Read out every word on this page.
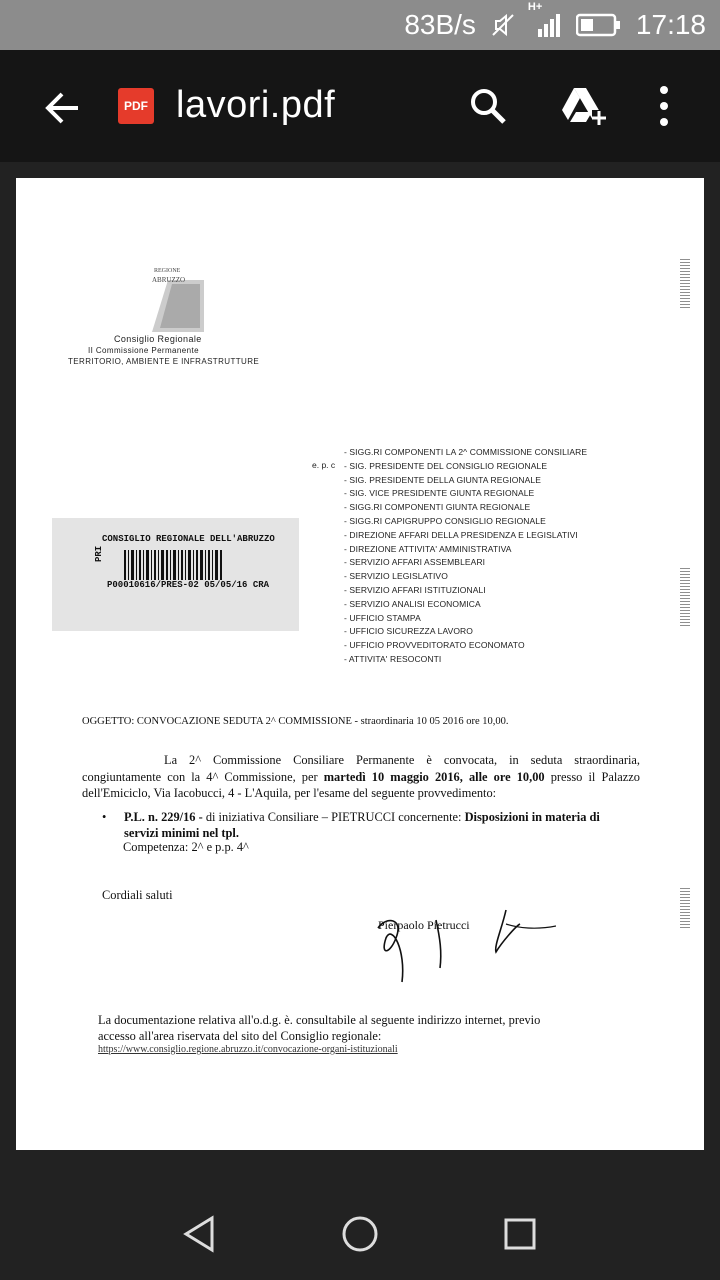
83B/s
H+
17:18
PDF lavori.pdf
REGIONE
ABRUZZO
Consiglio Regionale
II Commissione Permanente
TERRITORIO, AMBIENTE E INFRASTRUTTURE
CONSIGLIO REGIONALE DELL'ABRUZZO
PRI
P00010616/PRES-02 05/05/16 CRA
e. p. c
- SIGG.RI COMPONENTI LA 2^ COMMISSIONE CONSILIARE
- SIG. PRESIDENTE DEL CONSIGLIO REGIONALE
- SIG. PRESIDENTE DELLA GIUNTA REGIONALE
- SIG. VICE PRESIDENTE GIUNTA REGIONALE
- SIGG.RI COMPONENTI GIUNTA REGIONALE
- SIGG.RI CAPIGRUPPO CONSIGLIO REGIONALE
- DIREZIONE AFFARI DELLA PRESIDENZA E LEGISLATIVI
- DIREZIONE ATTIVITA' AMMINISTRATIVA
- SERVIZIO AFFARI ASSEMBLEARI
- SERVIZIO LEGISLATIVO
- SERVIZIO AFFARI ISTITUZIONALI
- SERVIZIO ANALISI ECONOMICA
- UFFICIO STAMPA
- UFFICIO SICUREZZA LAVORO
- UFFICIO PROVVEDITORATO ECONOMATO
- ATTIVITA' RESOCONTI
OGGETTO: CONVOCAZIONE SEDUTA 2^ COMMISSIONE - straordinaria 10 05 2016 ore 10,00.
La 2^ Commissione Consiliare Permanente è convocata, in seduta straordinaria, congiuntamente con la 4^ Commissione, per martedì 10 maggio 2016, alle ore 10,00 presso il Palazzo dell'Emiciclo, Via Iacobucci, 4 - L'Aquila, per l'esame del seguente provvedimento:
• P.L. n. 229/16 - di iniziativa Consiliare – PIETRUCCI concernente: Disposizioni in materia di servizi minimi nel tpl.
Competenza: 2^ e p.p. 4^
Cordiali saluti
Pierpaolo Pietrucci
La documentazione relativa all'o.d.g. è. consultabile al seguente indirizzo internet, previo accesso all'area riservata del sito del Consiglio regionale:
https://www.consiglio.regione.abruzzo.it/convocazione-organi-istituzionali
